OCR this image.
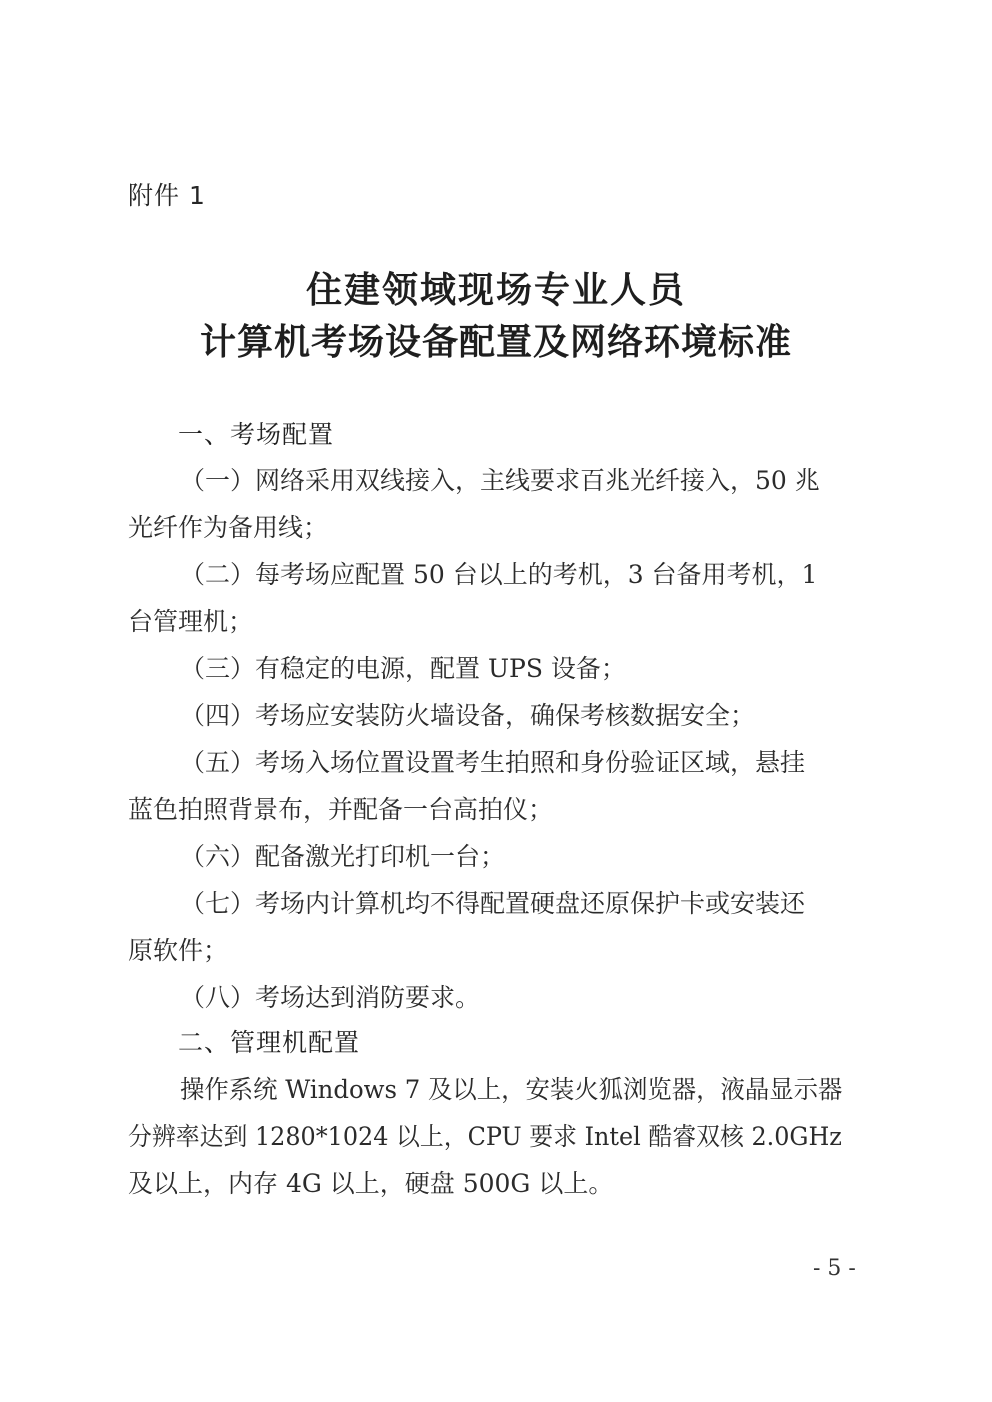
附件 1
住建领域现场专业人员
计算机考场设备配置及网络环境标准
一、考场配置
（一）网络采用双线接入，主线要求百兆光纤接入，50 兆
光纤作为备用线；
（二）每考场应配置 50 台以上的考机，3 台备用考机，1
台管理机；
（三）有稳定的电源，配置 UPS 设备；
（四）考场应安装防火墙设备，确保考核数据安全；
（五）考场入场位置设置考生拍照和身份验证区域，悬挂
蓝色拍照背景布，并配备一台高拍仪；
（六）配备激光打印机一台；
（七）考场内计算机均不得配置硬盘还原保护卡或安装还
原软件；
（八）考场达到消防要求。
二、管理机配置
操作系统 Windows 7 及以上，安装火狐浏览器，液晶显示器
分辨率达到 1280*1024 以上，CPU 要求 Intel 酷睿双核 2.0GHz
及以上，内存 4G 以上，硬盘 500G 以上。
- 5 -
